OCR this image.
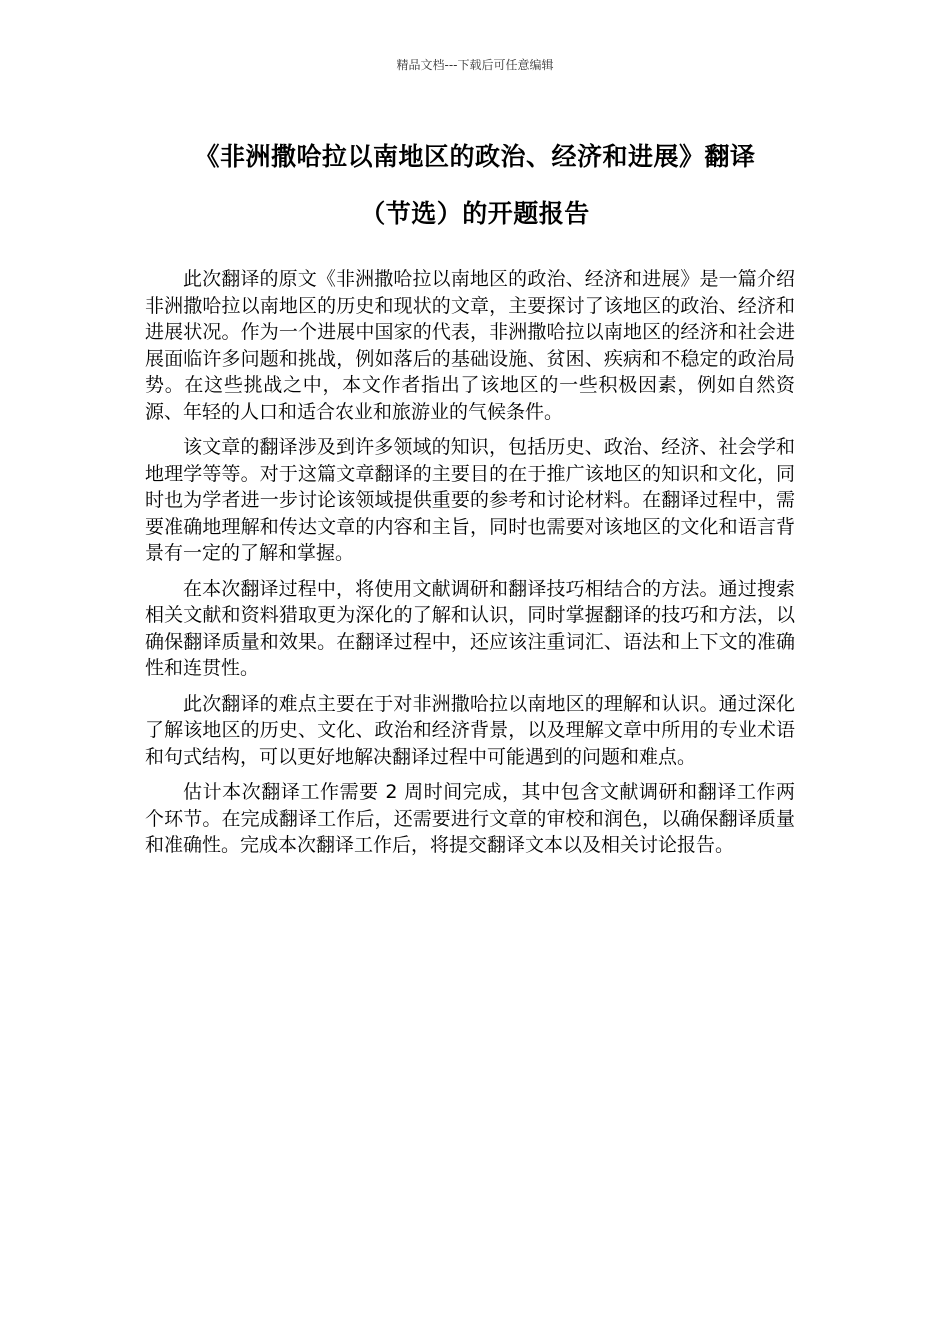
精品文档---下载后可任意编辑
《非洲撒哈拉以南地区的政治、经济和进展》翻译
（节选）的开题报告

此次翻译的原文《非洲撒哈拉以南地区的政治、经济和进展》是一篇介绍非洲撒哈拉以南地区的历史和现状的文章，主要探讨了该地区的政治、经济和进展状况。作为一个进展中国家的代表，非洲撒哈拉以南地区的经济和社会进展面临许多问题和挑战，例如落后的基础设施、贫困、疾病和不稳定的政治局势。在这些挑战之中，本文作者指出了该地区的一些积极因素，例如自然资源、年轻的人口和适合农业和旅游业的气候条件。

该文章的翻译涉及到许多领域的知识，包括历史、政治、经济、社会学和地理学等等。对于这篇文章翻译的主要目的在于推广该地区的知识和文化，同时也为学者进一步讨论该领域提供重要的参考和讨论材料。在翻译过程中，需要准确地理解和传达文章的内容和主旨，同时也需要对该地区的文化和语言背景有一定的了解和掌握。

在本次翻译过程中，将使用文献调研和翻译技巧相结合的方法。通过搜索相关文献和资料猎取更为深化的了解和认识，同时掌握翻译的技巧和方法，以确保翻译质量和效果。在翻译过程中，还应该注重词汇、语法和上下文的准确性和连贯性。

此次翻译的难点主要在于对非洲撒哈拉以南地区的理解和认识。通过深化了解该地区的历史、文化、政治和经济背景，以及理解文章中所用的专业术语和句式结构，可以更好地解决翻译过程中可能遇到的问题和难点。

估计本次翻译工作需要 2 周时间完成，其中包含文献调研和翻译工作两个环节。在完成翻译工作后，还需要进行文章的审校和润色，以确保翻译质量和准确性。完成本次翻译工作后，将提交翻译文本以及相关讨论报告。
